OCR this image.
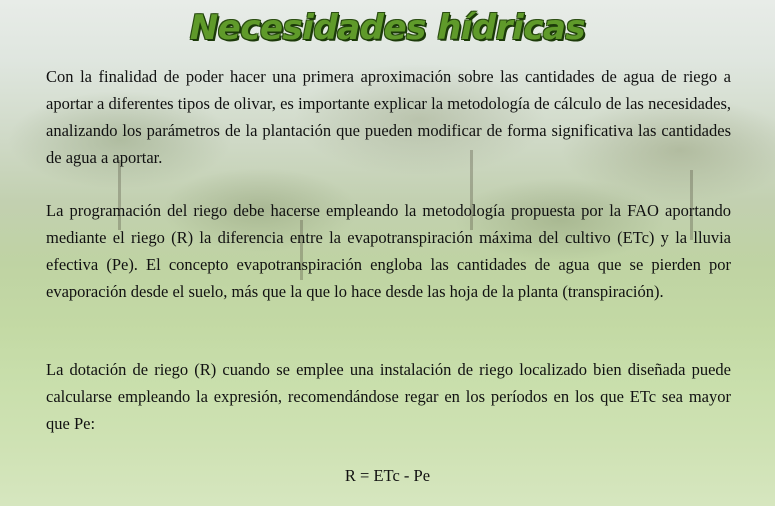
Necesidades hídricas

Con la finalidad de poder hacer una primera aproximación sobre las cantidades de agua de riego a aportar a diferentes tipos de olivar, es importante explicar la metodología de cálculo de las necesidades, analizando los parámetros de la plantación que pueden modificar de forma significativa las cantidades de agua a aportar.

La programación del riego debe hacerse empleando la metodología propuesta por la FAO aportando mediante el riego (R) la diferencia entre la evapotranspiración máxima del cultivo (ETc) y la lluvia efectiva (Pe). El concepto evapotranspiración engloba las cantidades de agua que se pierden por evaporación desde el suelo, más que la que lo hace desde las hoja de la planta (transpiración).

La dotación de riego (R) cuando se emplee una instalación de riego localizado bien diseñada puede calcularse empleando la expresión, recomendándose regar en los períodos en los que ETc sea mayor que Pe:

R = ETc - Pe
